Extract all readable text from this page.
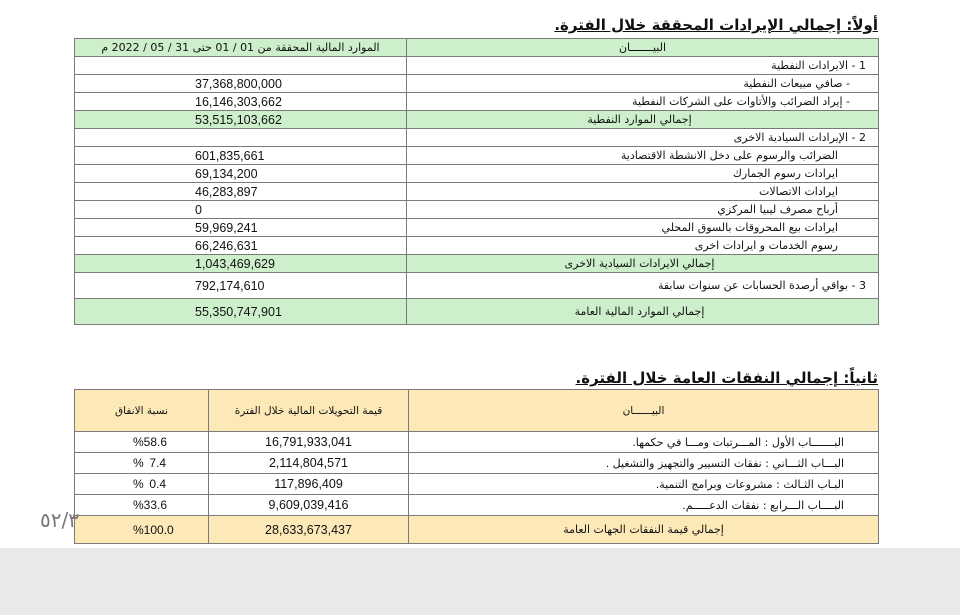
أولاً: إجمالي الإيرادات المحققة خلال الفترة.
الموارد المالية المحققة من 01 / 01 حتى 31 / 05 / 2022 م	البيـــــــان
	1 - الايرادات النفطية
37,368,800,000	- صافي مبيعات النفطية
16,146,303,662	- إيراد الضرائب والأتاوات على الشركات النفطية
53,515,103,662	إجمالي الموارد النفطية
	2 - الإيرادات السيادية الاخرى
601,835,661	الضرائب والرسوم على دخل الانشطة الاقتصادية
69,134,200	ايرادات رسوم الجمارك
46,283,897	ايرادات الاتصالات
0	أرباح مصرف ليبيا المركزي
59,969,241	ايرادات بيع المحروقات بالسوق المحلي
66,246,631	رسوم الخدمات و ايرادات اخرى
1,043,469,629	إجمالي الايرادات السيادية الاخرى
792,174,610	3 - بواقي أرصدة الحسابات عن سنوات سابقة
55,350,747,901	إجمالي الموارد المالية العامة
ثانياً: إجمالي النفقات العامة خلال الفترة.
نسبة الانفاق	قيمة التحويلات المالية خلال الفترة	البيــــــان

% 58.6	16,791,933,041	البـــــــاب الأول : المـــرتبات ومـــا في حكمها.

% 7.4	2,114,804,571	البـــاب الثـــاني : نفقات التسيير والتجهيز والتشغيل .

% 0.4	117,896,409	البـاب الثـالث : مشروعات وبرامج التنمية.

% 33.6	9,609,039,416	البــــاب الـــرابع : نفقات الدعـــــم.

% 100.0	28,633,673,437	إجمالي قيمة النفقات الجهات العامة
٥٢/٣
